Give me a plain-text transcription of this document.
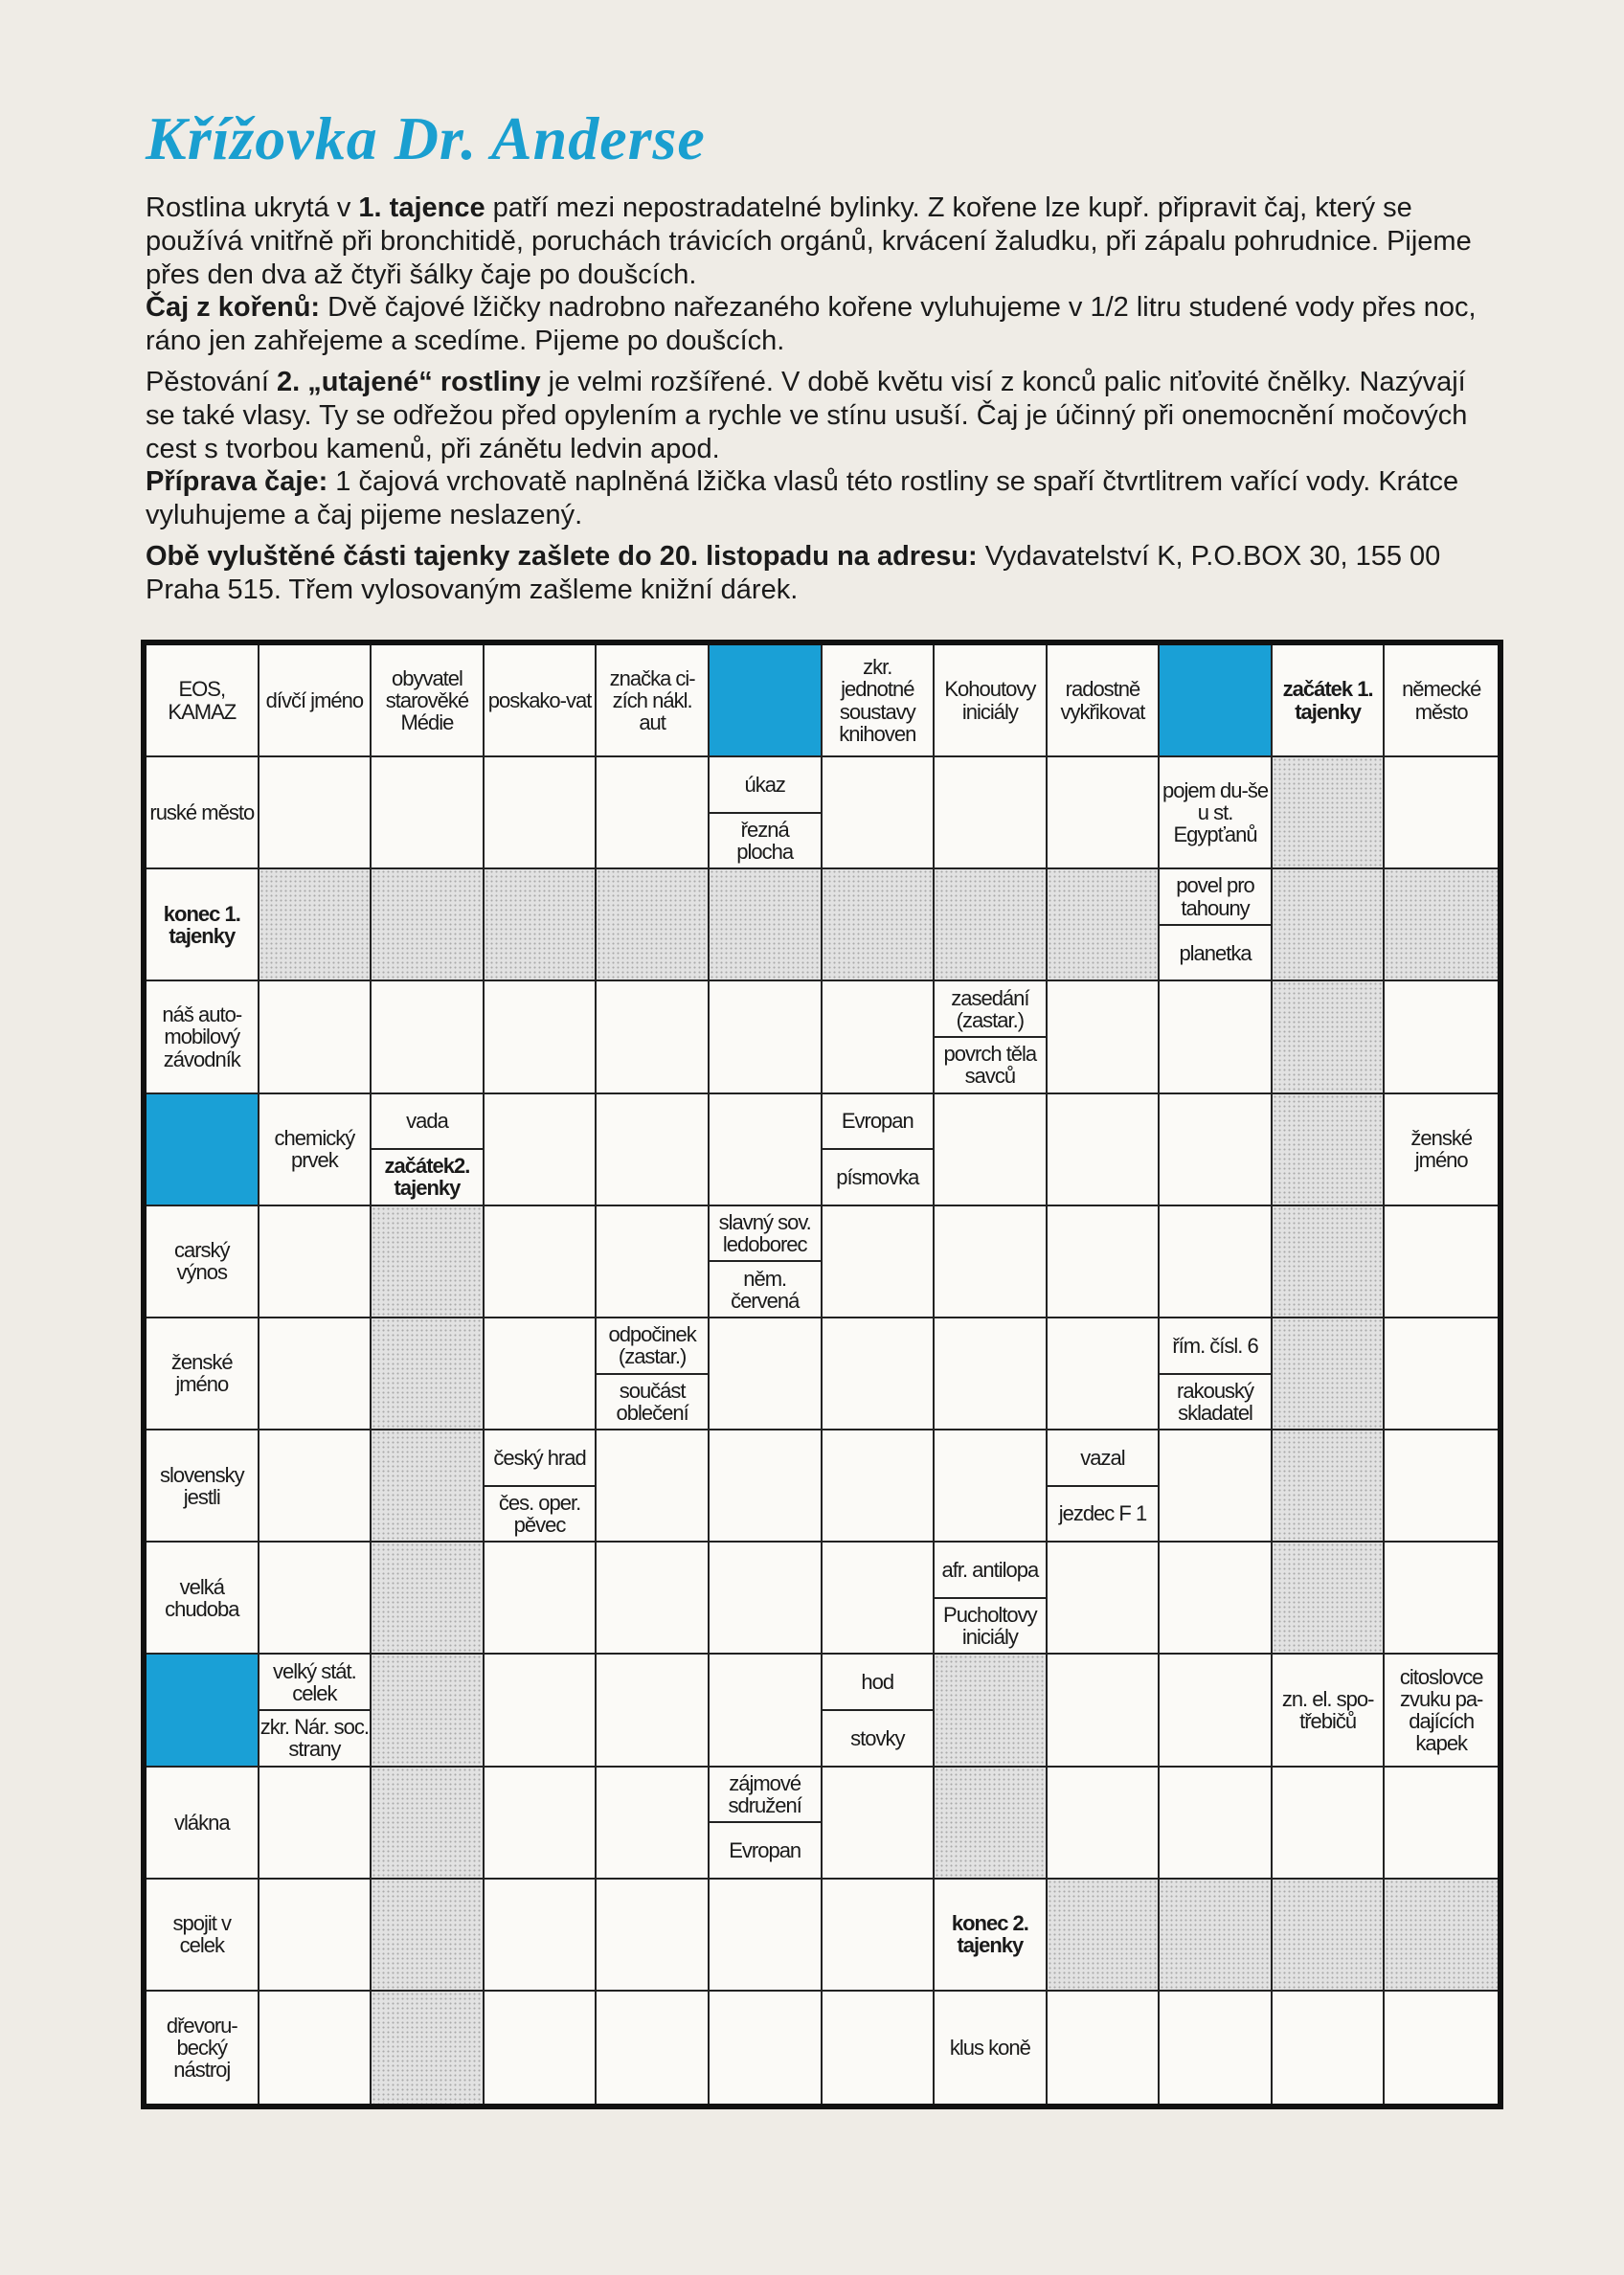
Křížovka Dr. Anderse

Rostlina ukrytá v 1. tajence patří mezi nepostradatelné bylinky. Z kořene lze kupř. připravit čaj, který se používá vnitřně při bronchitidě, poruchách trávicích orgánů, krvácení žaludku, při zápalu pohrudnice. Pijeme přes den dva až čtyři šálky čaje po doušcích.
Čaj z kořenů: Dvě čajové lžičky nadrobno nařezaného kořene vyluhujeme v 1/2 litru studené vody přes noc, ráno jen zahřejeme a scedíme. Pijeme po doušcích.

Pěstování 2. „utajené“ rostliny je velmi rozšířené. V době květu visí z konců palic niťovité čnělky. Nazývají se také vlasy. Ty se odřežou před opylením a rychle ve stínu usuší. Čaj je účinný při onemocnění močových cest s tvorbou kamenů, při zánětu ledvin apod.
Příprava čaje: 1 čajová vrchovatě naplněná lžička vlasů této rostliny se spaří čtvrtlitrem vařící vody. Krátce vyluhujeme a čaj pijeme neslazený.

Obě vyluštěné části tajenky zašlete do 20. listopadu na adresu: Vydavatelství K, P.O.BOX 30, 155 00 Praha 515. Třem vylosovaným zašleme knižní dárek.

EOS, KAMAZ	dívčí jméno
obyvatel starověké Médie
poskako-vat
značka ci-zích nákl. aut
zkr. jednotné soustavy knihoven
Kohoutovy iniciály
radostně vykřikovat
začátek 1. tajenky
německé město
ruské město
úkaz
řezná plocha
pojem du-še u st. Egypťanů
konec 1. tajenky
povel pro tahouny
planetka
náš auto-mobilový závodník
zasedání (zastar.)
povrch těla savců
chemický prvek
vada
začátek2. tajenky
Evropan
písmovka
ženské jméno
carský výnos
slavný sov. ledoborec
něm. červená
ženské jméno
odpočinek (zastar.)
součást oblečení
řím. čísl. 6
rakouský skladatel
slovensky jestli
český hrad
čes. oper. pěvec
vazal
jezdec F 1
velká chudoba
afr. antilopa
Pucholtovy iniciály
velký stát. celek
zkr. Nár. soc. strany
hod
stovky
zn. el. spo-třebičů
citoslovce zvuku pa-dajících kapek
vlákna
zájmové sdružení
Evropan
spojit v celek
konec 2. tajenky
dřevoru-becký nástroj
klus koně
